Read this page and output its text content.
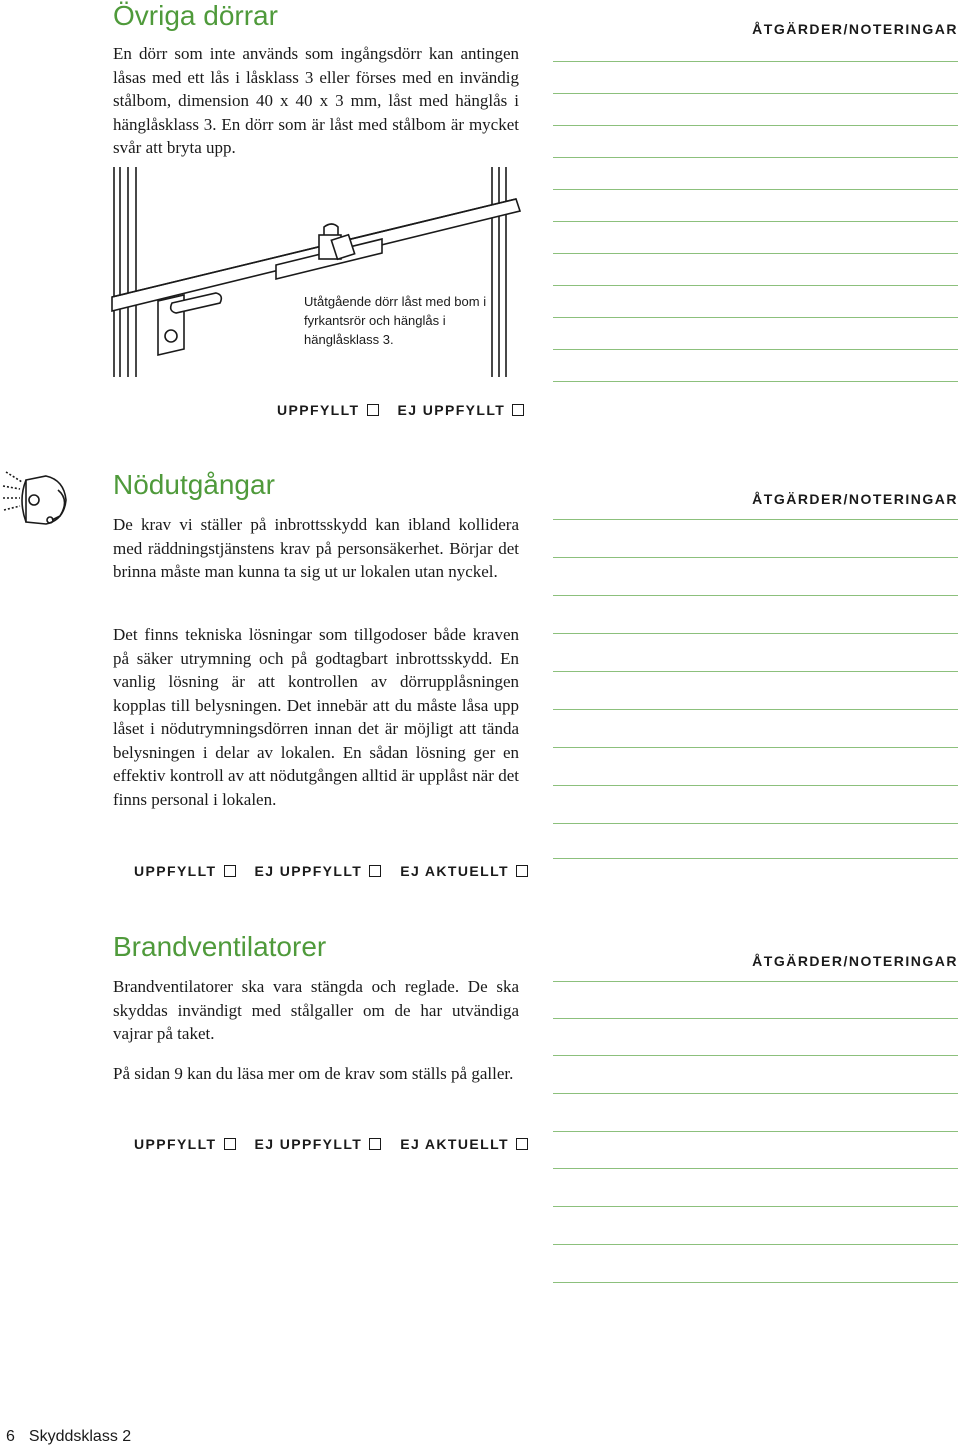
Övriga dörrar

En dörr som inte används som ingångsdörr kan antingen låsas med ett lås i låsklass 3 eller förses med en invändig stålbom, dimension 40 x 40 x 3 mm, låst med hänglås i hänglåsklass 3. En dörr som är låst med stålbom är mycket svår att bryta upp.

Utåtgående dörr låst med bom i fyrkantsrör och hänglås i hänglåsklass 3.

UPPFYLLT	EJ UPPFYLLT
ÅTGÄRDER/NOTERINGAR
Nödutgångar

De krav vi ställer på inbrottsskydd kan ibland kollidera med räddningstjänstens krav på personsäkerhet. Börjar det brinna måste man kunna ta sig ut ur lokalen utan nyckel.

Det finns tekniska lösningar som tillgodoser både kraven på säker utrymning och på godtagbart inbrottsskydd. En vanlig lösning är att kontrollen av dörrupplåsningen kopplas till belysningen. Det innebär att du måste låsa upp låset i nödutrymningsdörren innan det är möjligt att tända belysningen i delar av lokalen. En sådan lösning ger en effektiv kontroll av att nödutgången alltid är upplåst när det finns personal i lokalen.

UPPFYLLT	EJ UPPFYLLT	EJ AKTUELLT
ÅTGÄRDER/NOTERINGAR
Brandventilatorer

Brandventilatorer ska vara stängda och reglade. De ska skyddas invändigt med stålgaller om de har utvändiga vajrar på taket.

På sidan 9 kan du läsa mer om de krav som ställs på galler.

UPPFYLLT	EJ UPPFYLLT	EJ AKTUELLT
ÅTGÄRDER/NOTERINGAR
6 Skyddsklass 2
